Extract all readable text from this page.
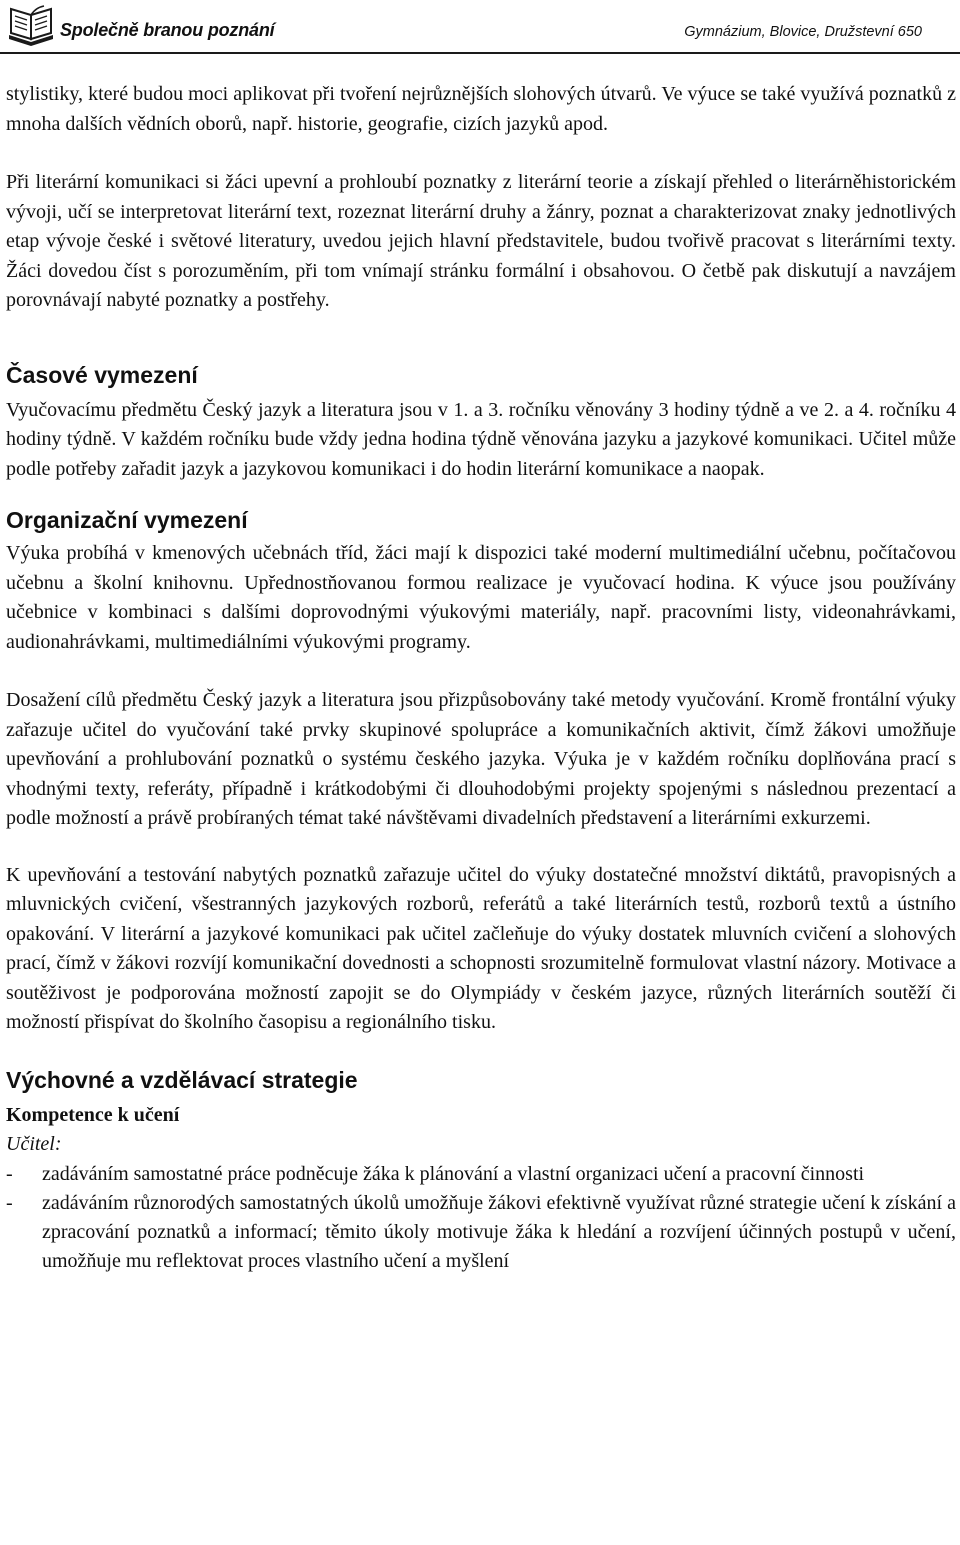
Společně branou poznání	Gymnázium, Blovice, Družstevní 650

stylistiky, které budou moci aplikovat při tvoření nejrůznějších slohových útvarů. Ve výuce se také využívá poznatků z mnoha dalších vědních oborů, např. historie, geografie, cizích jazyků apod.

Při literární komunikaci si žáci upevní a prohloubí poznatky z literární teorie a získají přehled o literárněhistorickém vývoji, učí se interpretovat literární text, rozeznat literární druhy a žánry, poznat a charakterizovat znaky jednotlivých etap vývoje české i světové literatury, uvedou jejich hlavní představitele, budou tvořivě pracovat s literárními texty. Žáci dovedou číst s porozuměním, při tom vnímají stránku formální i obsahovou. O četbě pak diskutují a navzájem porovnávají nabyté poznatky a postřehy.

Časové vymezení

Vyučovacímu předmětu Český jazyk a literatura jsou v 1. a 3. ročníku věnovány 3 hodiny týdně a ve 2. a 4. ročníku 4 hodiny týdně. V každém ročníku bude vždy jedna hodina týdně věnována jazyku a jazykové komunikaci. Učitel může podle potřeby zařadit jazyk a jazykovou komunikaci i do hodin literární komunikace a naopak.

Organizační vymezení

Výuka probíhá v kmenových učebnách tříd, žáci mají k dispozici také moderní multimediální učebnu, počítačovou učebnu a školní knihovnu. Upřednostňovanou formou realizace je vyučovací hodina. K výuce jsou používány učebnice v kombinaci s dalšími doprovodnými výukovými materiály, např. pracovními listy, videonahrávkami, audionahrávkami, multimediálními výukovými programy.

Dosažení cílů předmětu Český jazyk a literatura jsou přizpůsobovány také metody vyučování. Kromě frontální výuky zařazuje učitel do vyučování také prvky skupinové spolupráce a komunikačních aktivit, čímž žákovi umožňuje upevňování a prohlubování poznatků o systému českého jazyka. Výuka je v každém ročníku doplňována prací s vhodnými texty, referáty, případně i krátkodobými či dlouhodobými projekty spojenými s následnou prezentací a podle možností a právě probíraných témat také návštěvami divadelních představení a literárními exkurzemi.

K upevňování a testování nabytých poznatků zařazuje učitel do výuky dostatečné množství diktátů, pravopisných a mluvnických cvičení, všestranných jazykových rozborů, referátů a také literárních testů, rozborů textů a ústního opakování. V literární a jazykové komunikaci pak učitel začleňuje do výuky dostatek mluvních cvičení a slohových prací, čímž v žákovi rozvíjí komunikační dovednosti a schopnosti srozumitelně formulovat vlastní názory. Motivace a soutěživost je podporována možností zapojit se do Olympiády v českém jazyce, různých literárních soutěží či možností přispívat do školního časopisu a regionálního tisku.

Výchovné a vzdělávací strategie

Kompetence k učení

Učitel:

- zadáváním samostatné práce podněcuje žáka k plánování a vlastní organizaci učení a pracovní činnosti
- zadáváním různorodých samostatných úkolů umožňuje žákovi efektivně využívat různé strategie učení k získání a zpracování poznatků a informací; těmito úkoly motivuje žáka k hledání a rozvíjení účinných postupů v učení, umožňuje mu reflektovat proces vlastního učení a myšlení
